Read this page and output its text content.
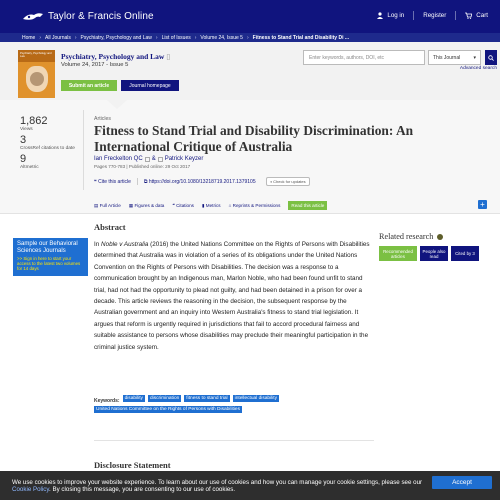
Taylor & Francis Online	Log in	Register	Cart
Home › All Journals › Psychiatry, Psychology and Law › List of Issues › Volume 24, Issue 5 › Fitness to Stand Trial and Disability Di ...
Psychiatry, Psychology and Law	Psychiatry, Psychology and Law ▯
Volume 24, 2017 - Issue 5
Submit an article	Journal homepage
Enter keywords, authors, DOI, etc	This Journal	▾
Advanced search
1,862
Views
3
CrossRef citations to date
9
Altmetric
Articles
Fitness to Stand Trial and Disability Discrimination: An International Critique of Australia
Ian Freckelton QC & Patrick Keyzer
Pages 770-783 | Published online: 29 Oct 2017
❝ Cite this article	⧉ https://doi.org/10.1080/13218719.2017.1379105	◑ Check for updates
▤
Full Article ▦
Figures & data ❝
Citations ▮
Metrics ⌂
Reprints & Permissions	Read this article	+
Sample our Behavioral Sciences Journals
>> Sign in here to start your access to the latest two volumes for 14 days
Abstract

In Noble v Australia (2016) the United Nations Committee on the Rights of Persons with Disabilities determined that Australia was in violation of a series of its obligations under the United Nations Convention on the Rights of Persons with Disabilities. The decision was a response to a communication brought by an Indigenous man, Marlon Noble, who had been found unfit to stand trial, had not had the opportunity to plead not guilty, and had been detained in a prison for over a decade. This article reviews the reasoning in the decision, the subsequent response by the Australian government and an inquiry into Western Australia's fitness to stand trial legislation. It argues that reform is urgently required in jurisdictions that fail to accord procedural fairness and suitable assistance to persons whose disabilities may preclude their meaningful participation in the criminal justice system.

Keywords:	disability	discrimination	fitness to stand trial	intellectual disability
United Nations Committee on the Rights of Persons with Disabilities
Disclosure Statement
Related research
Recommended articles
People also read	Cited by 3

We use cookies to improve your website experience. To learn about our use of cookies and how you can manage your cookie settings, please see our Cookie Policy. By closing this message, you are consenting to our use of cookies.

Accept
